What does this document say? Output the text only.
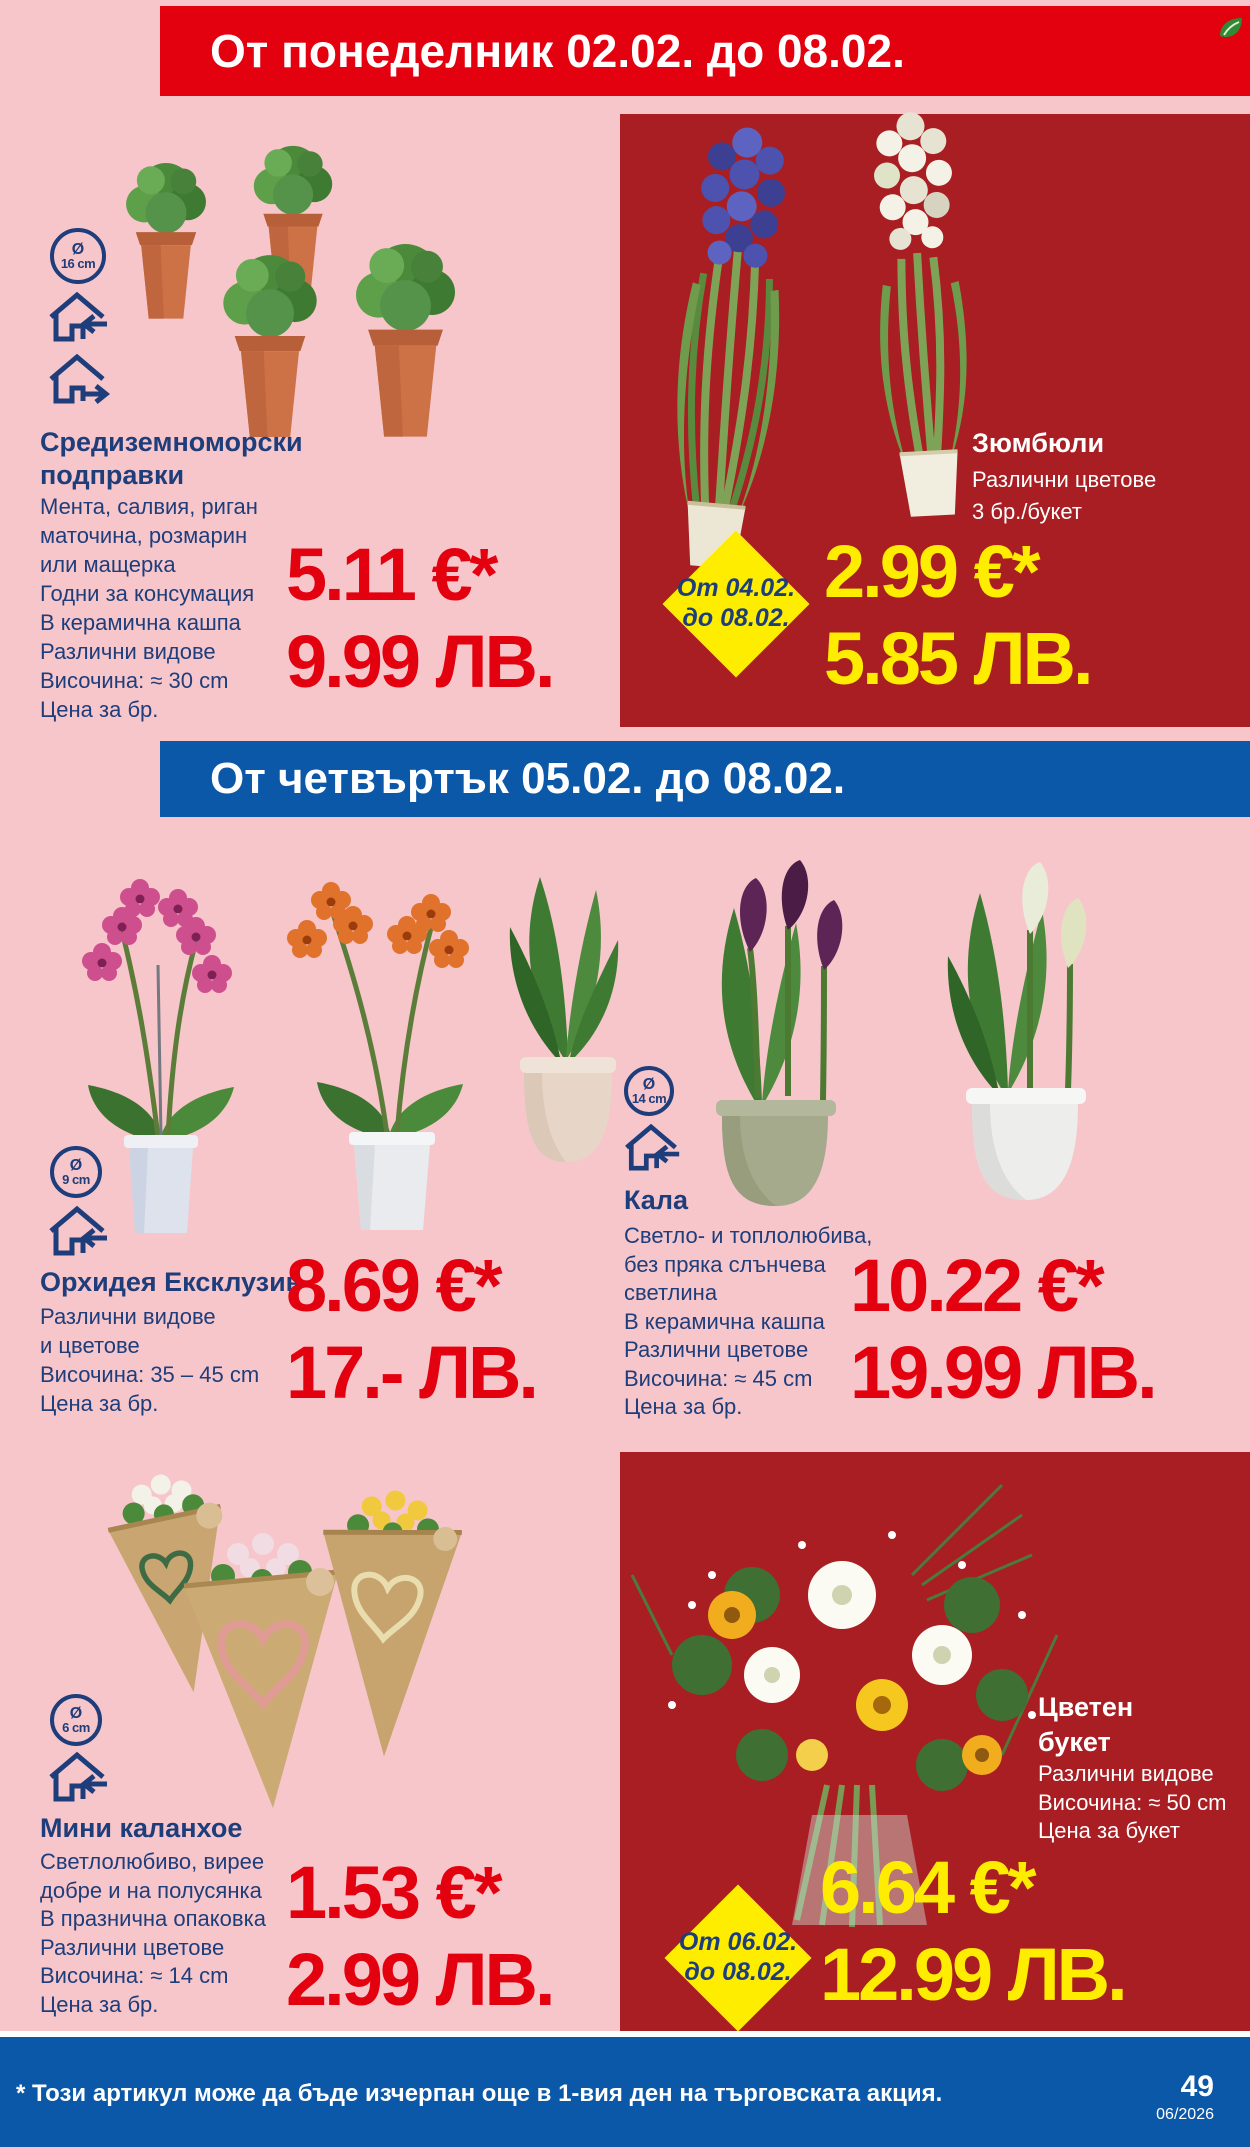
От понеделник 02.02. до 08.02.
Ø
16 cm
Средиземноморски
подправки
Мента, салвия, риган
маточина, розмарин
или мащерка
Годни за консумация
В керамична кашпа
Различни видове
Височина: ≈ 30 cm
Цена за бр.
5.11 €*
9.99 ЛВ.
Зюмбюли
Различни цветове
3 бр./букет
От 04.02.
до 08.02.
2.99 €*
5.85 ЛВ.
От четвъртък 05.02. до 08.02.
Ø
9 cm
Орхидея Ексклузив
Различни видове
и цветове
Височина: 35 – 45 cm
Цена за бр.
8.69 €*
17.- ЛВ.
Ø
14 cm
Кала
Светло- и топлолюбива,
без пряка слънчева
светлина
В керамична кашпа
Различни цветове
Височина: ≈ 45 cm
Цена за бр.
10.22 €*
19.99 ЛВ.
Ø
6 cm
Мини каланхое
Светлолюбиво, вирее
добре и на полусянка
В празнична опаковка
Различни цветове
Височина: ≈ 14 cm
Цена за бр.
1.53 €*
2.99 ЛВ.
Цветен
букет
Различни видове
Височина: ≈ 50 cm
Цена за букет
От 06.02.
до 08.02.
6.64 €*
12.99 ЛВ.
* Този артикул може да бъде изчерпан още в 1-вия ден на търговската акция.	49
06/2026
